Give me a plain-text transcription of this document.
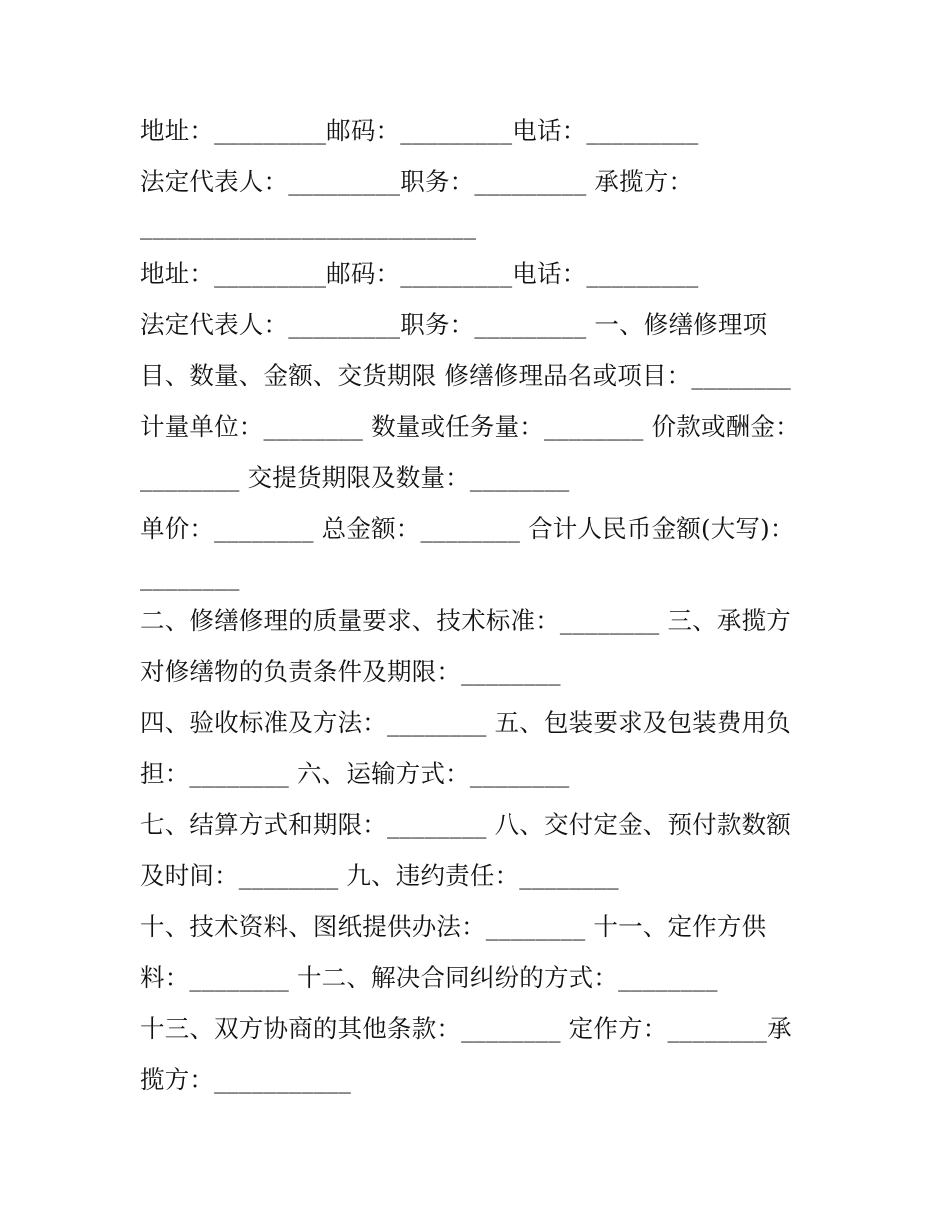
地址：_________邮码：_________电话：_________
法定代表人：_________职务：_________ 承揽方：
___________________________
地址：_________邮码：_________电话：_________
法定代表人：_________职务：_________ 一、修缮修理项
目、数量、金额、交货期限 修缮修理品名或项目：________
计量单位：________ 数量或任务量：________ 价款或酬金：
________ 交提货期限及数量：________
单价：________ 总金额：________ 合计人民币金额(大写)：
________
二、修缮修理的质量要求、技术标准：________ 三、承揽方
对修缮物的负责条件及期限：________
四、验收标准及方法：________ 五、包装要求及包装费用负
担：________ 六、运输方式：________
七、结算方式和期限：________ 八、交付定金、预付款数额
及时间：________ 九、违约责任：________
十、技术资料、图纸提供办法：________ 十一、定作方供
料：________ 十二、解决合同纠纷的方式：________
十三、双方协商的其他条款：________ 定作方：________承
揽方：___________
